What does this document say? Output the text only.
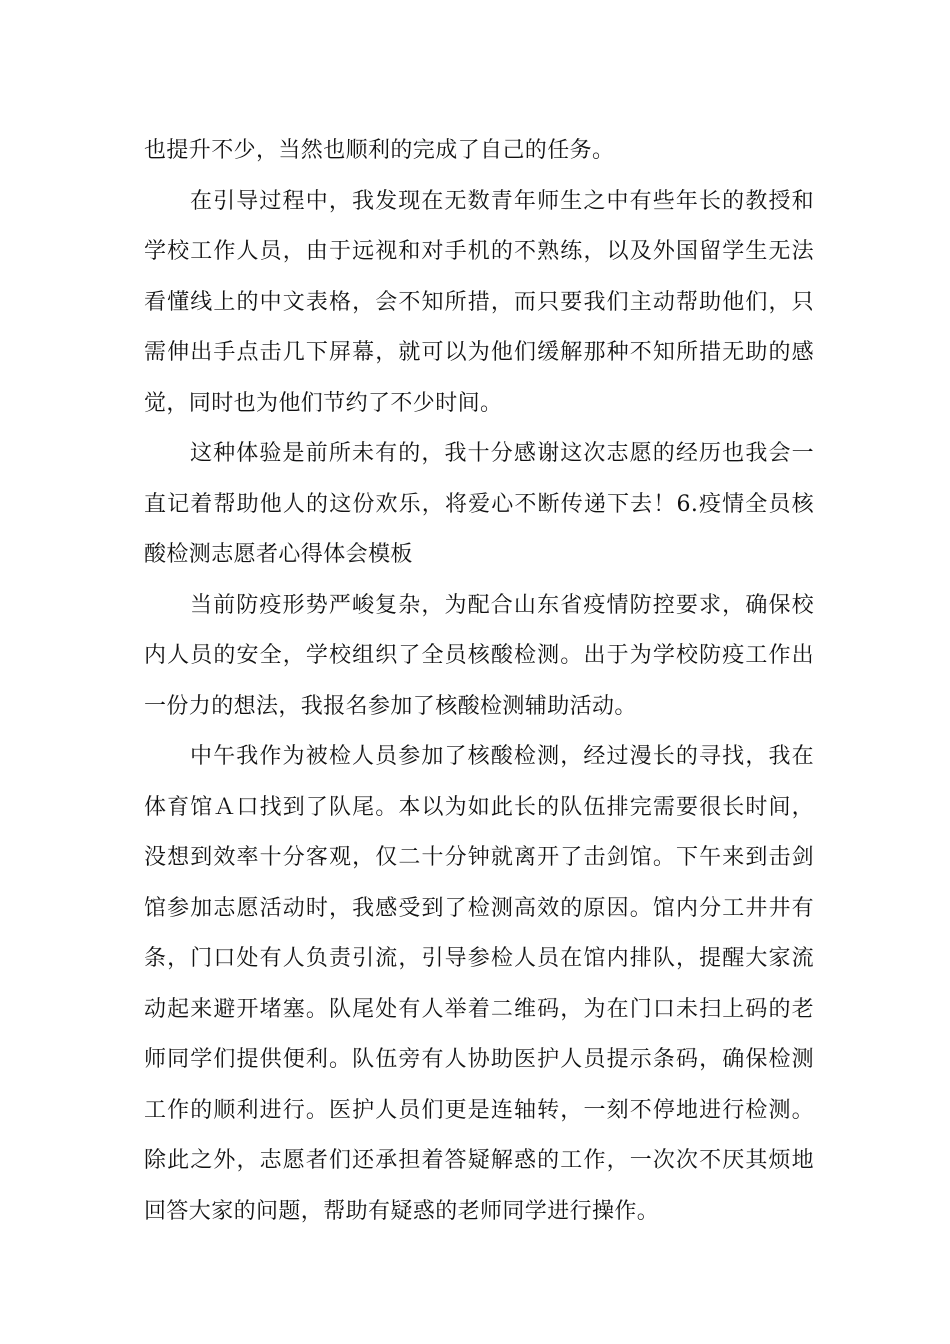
也提升不少，当然也顺利的完成了自己的任务。

在引导过程中，我发现在无数青年师生之中有些年长的教授和学校工作人员，由于远视和对手机的不熟练，以及外国留学生无法看懂线上的中文表格，会不知所措，而只要我们主动帮助他们，只需伸出手点击几下屏幕，就可以为他们缓解那种不知所措无助的感觉，同时也为他们节约了不少时间。

这种体验是前所未有的，我十分感谢这次志愿的经历也我会一直记着帮助他人的这份欢乐，将爱心不断传递下去！6.疫情全员核酸检测志愿者心得体会模板

当前防疫形势严峻复杂，为配合山东省疫情防控要求，确保校内人员的安全，学校组织了全员核酸检测。出于为学校防疫工作出一份力的想法，我报名参加了核酸检测辅助活动。

中午我作为被检人员参加了核酸检测，经过漫长的寻找，我在体育馆Ａ口找到了队尾。本以为如此长的队伍排完需要很长时间，没想到效率十分客观，仅二十分钟就离开了击剑馆。下午来到击剑馆参加志愿活动时，我感受到了检测高效的原因。馆内分工井井有条，门口处有人负责引流，引导参检人员在馆内排队，提醒大家流动起来避开堵塞。队尾处有人举着二维码，为在门口未扫上码的老师同学们提供便利。队伍旁有人协助医护人员提示条码，确保检测工作的顺利进行。医护人员们更是连轴转，一刻不停地进行检测。除此之外，志愿者们还承担着答疑解惑的工作，一次次不厌其烦地回答大家的问题，帮助有疑惑的老师同学进行操作。
